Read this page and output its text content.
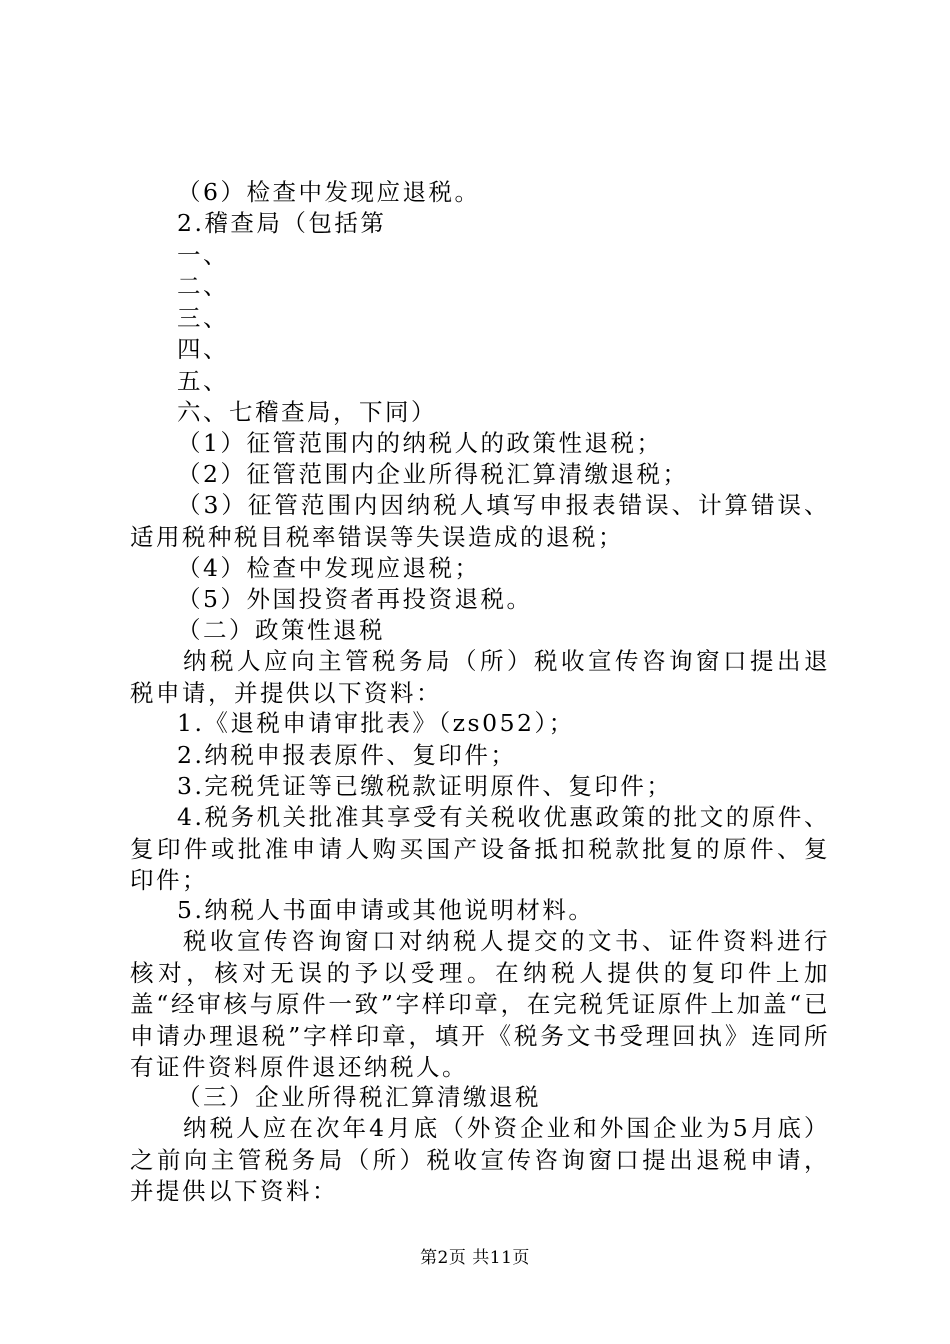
（6）检查中发现应退税。

2.稽查局（包括第

一、

二、

三、

四、

五、

六、七稽查局，下同）

（1）征管范围内的纳税人的政策性退税；

（2）征管范围内企业所得税汇算清缴退税；

（3）征管范围内因纳税人填写申报表错误、计算错误、适用税种税目税率错误等失误造成的退税；

（4）检查中发现应退税；

（5）外国投资者再投资退税。

（二）政策性退税

纳税人应向主管税务局（所）税收宣传咨询窗口提出退税申请，并提供以下资料：

1.《退税申请审批表》（zs052）；

2.纳税申报表原件、复印件；

3.完税凭证等已缴税款证明原件、复印件；

4.税务机关批准其享受有关税收优惠政策的批文的原件、复印件或批准申请人购买国产设备抵扣税款批复的原件、复印件；

5.纳税人书面申请或其他说明材料。

税收宣传咨询窗口对纳税人提交的文书、证件资料进行核对，核对无误的予以受理。在纳税人提供的复印件上加盖“经审核与原件一致”字样印章，在完税凭证原件上加盖“已申请办理退税”字样印章，填开《税务文书受理回执》连同所有证件资料原件退还纳税人。

（三）企业所得税汇算清缴退税

纳税人应在次年4月底（外资企业和外国企业为5月底）之前向主管税务局（所）税收宣传咨询窗口提出退税申请，并提供以下资料：

第2页 共11页
